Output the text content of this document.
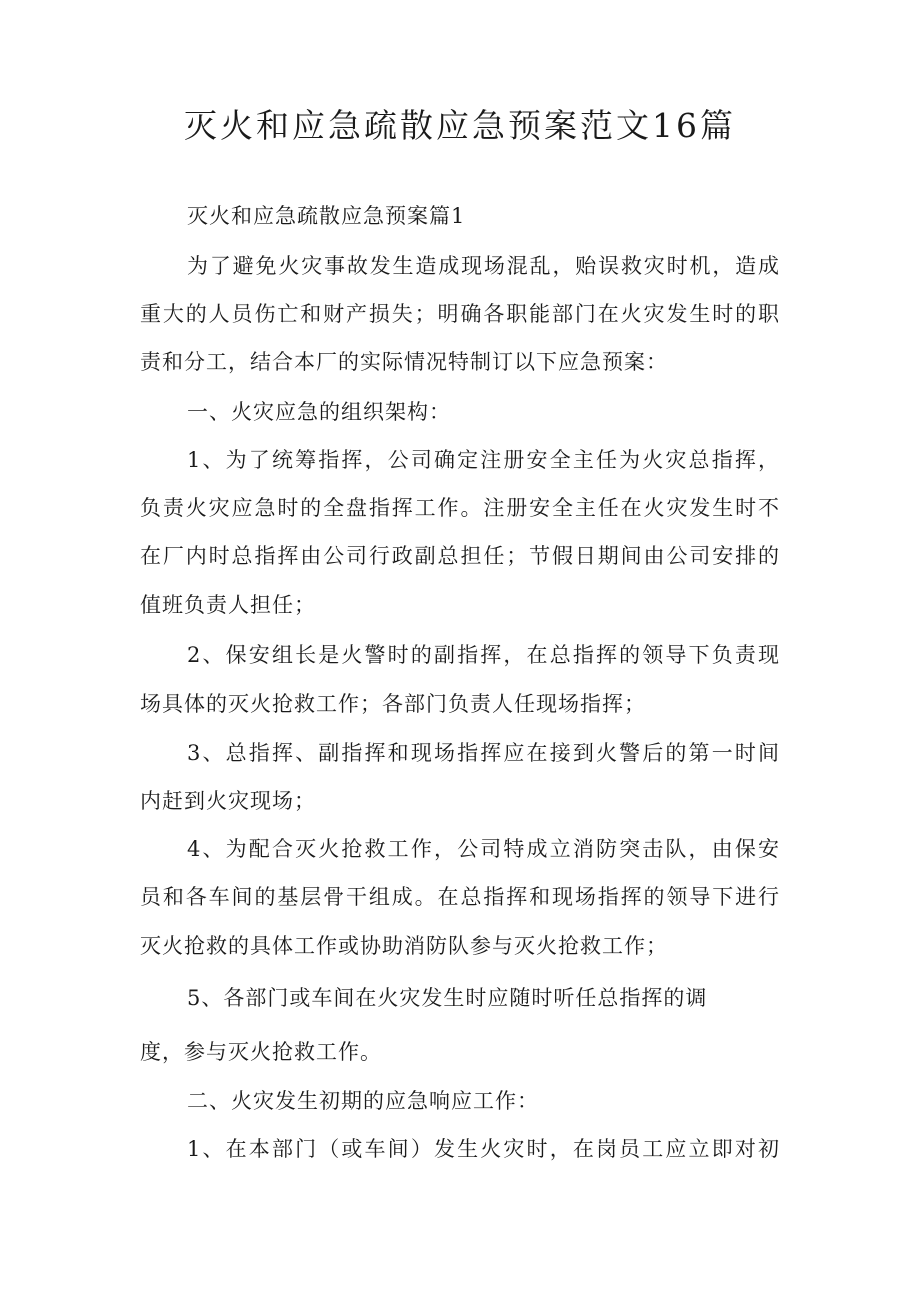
灭火和应急疏散应急预案范文16篇
灭火和应急疏散应急预案篇1
为了避免火灾事故发生造成现场混乱，贻误救灾时机，造成
重大的人员伤亡和财产损失；明确各职能部门在火灾发生时的职
责和分工，结合本厂的实际情况特制订以下应急预案：
一、火灾应急的组织架构：
1、为了统筹指挥，公司确定注册安全主任为火灾总指挥，
负责火灾应急时的全盘指挥工作。注册安全主任在火灾发生时不
在厂内时总指挥由公司行政副总担任；节假日期间由公司安排的
值班负责人担任；
2、保安组长是火警时的副指挥，在总指挥的领导下负责现
场具体的灭火抢救工作；各部门负责人任现场指挥；
3、总指挥、副指挥和现场指挥应在接到火警后的第一时间
内赶到火灾现场；
4、为配合灭火抢救工作，公司特成立消防突击队，由保安
员和各车间的基层骨干组成。在总指挥和现场指挥的领导下进行
灭火抢救的具体工作或协助消防队参与灭火抢救工作；
5、各部门或车间在火灾发生时应随时听任总指挥的调
度，参与灭火抢救工作。
二、火灾发生初期的应急响应工作：
1、在本部门（或车间）发生火灾时，在岗员工应立即对初
